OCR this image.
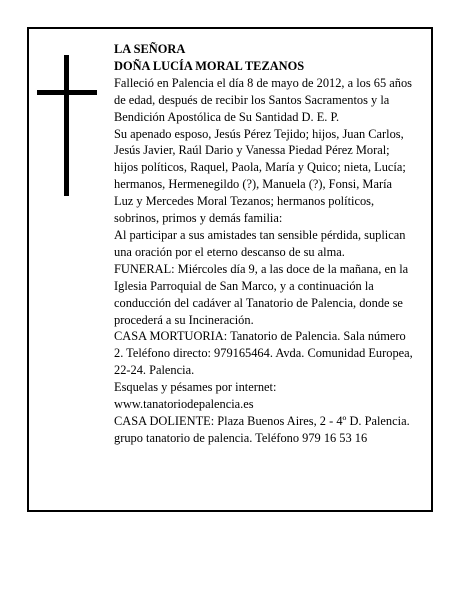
LA SEÑORA

DOÑA LUCÍA MORAL TEZANOS

Falleció en Palencia el día 8 de mayo de 2012, a los 65 años de edad, después de recibir los Santos Sacramentos y la Bendición Apostólica de Su Santidad D. E. P.

Su apenado esposo, Jesús Pérez Tejido; hijos, Juan Carlos, Jesús Javier, Raúl Dario y Vanessa Piedad Pérez Moral; hijos políticos, Raquel, Paola, María y Quico; nieta, Lucía; hermanos, Hermenegildo (?), Manuela (?), Fonsi, María Luz y Mercedes Moral Tezanos; hermanos políticos, sobrinos, primos y demás familia:

Al participar a sus amistades tan sensible pérdida, suplican una oración por el eterno descanso de su alma.

FUNERAL: Miércoles día 9, a las doce de la mañana, en la Iglesia Parroquial de San Marco, y a continuación la conducción del cadáver al Tanatorio de Palencia, donde se procederá a su Incineración.

CASA MORTUORIA: Tanatorio de Palencia. Sala número 2. Teléfono directo: 979165464. Avda. Comunidad Europea, 22-24. Palencia.

Esquelas y pésames por internet: www.tanatoriodepalencia.es

CASA DOLIENTE: Plaza Buenos Aires, 2 - 4º D. Palencia.

grupo tanatorio de palencia. Teléfono 979 16 53 16
